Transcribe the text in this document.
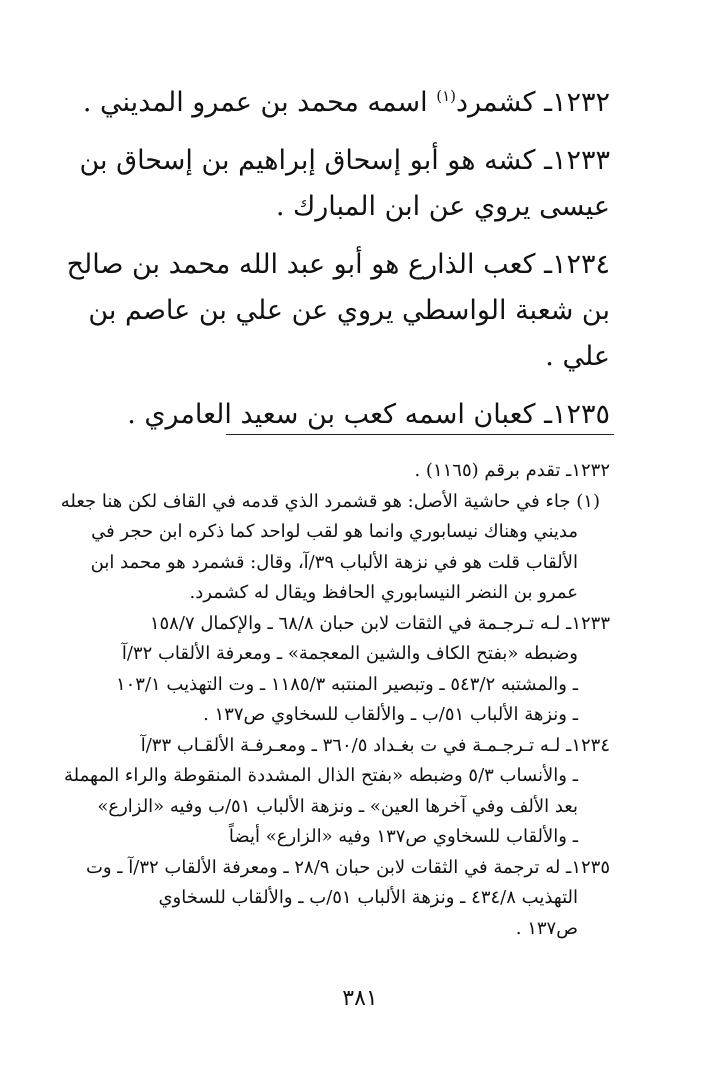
١٢٣٢ـ كشمرد$^{(١)}$ اسمه محمد بن عمرو المديني .

١٢٣٣ـ كشه هو أبو إسحاق إبراهيم بن إسحاق بن عيسى يروي عن ابن المبارك .

١٢٣٤ـ كعب الذارع هو أبو عبد الله محمد بن صالح بن شعبة الواسطي يروي عن علي بن عاصم بن علي .

١٢٣٥ـ كعبان اسمه كعب بن سعيد العامري .

١٢٣٢ـ تقدم برقم (١١٦٥) .

(١) جاء في حاشية الأصل: هو قشمرد الذي قدمه في القاف لكن هنا جعله

مديني وهناك نيسابوري وانما هو لقب لواحد كما ذكره ابن حجر في

الألقاب قلت هو في نزهة الألباب ٣٩/آ، وقال: قشمرد هو محمد ابن

عمرو بن النضر النيسابوري الحافظ ويقال له كشمرد.

١٢٣٣ـ لـه تـرجـمة في الثقات لابن حبان ٦٨/٨ ـ والإكمال ١٥٨/٧

وضبطه «بفتح الكاف والشين المعجمة» ـ ومعرفة الألقاب ٣٢/آ

ـ والمشتبه ٥٤٣/٢ ـ وتبصير المنتبه ١١٨٥/٣ ـ وت التهذيب ١٠٣/١

ـ ونزهة الألباب ٥١/ب ـ والألقاب للسخاوي ص١٣٧ .

١٢٣٤ـ لـه تـرجـمـة في ت بغـداد ٣٦٠/٥ ـ ومعـرفـة الألقـاب ٣٣/آ

ـ والأنساب ٥/٣ وضبطه «بفتح الذال المشددة المنقوطة والراء المهملة

بعد الألف وفي آخرها العين» ـ ونزهة الألباب ٥١/ب وفيه «الزارع»

ـ والألقاب للسخاوي ص١٣٧ وفيه «الزارع» أيضاً

١٢٣٥ـ له ترجمة في الثقات لابن حبان ٢٨/٩ ـ ومعرفة الألقاب ٣٢/آ ـ وت

التهذيب ٤٣٤/٨ ـ ونزهة الألباب ٥١/ب ـ والألقاب للسخاوي

ص١٣٧ .

٣٨١
